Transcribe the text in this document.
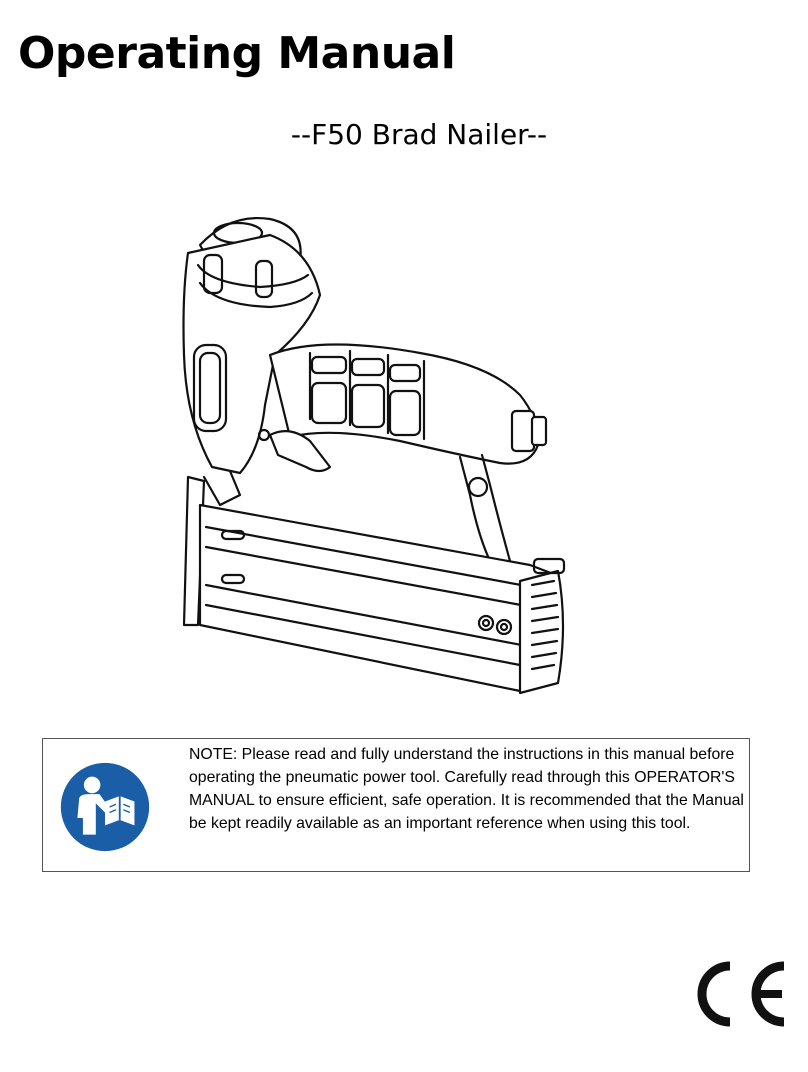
Operating Manual
--F50 Brad Nailer--

NOTE: Please read and fully understand the instructions in this manual before operating the pneumatic power tool. Carefully read through this OPERATOR'S MANUAL to ensure efficient, safe operation. It is recommended that the Manual be kept readily available as an important reference when using this tool.
